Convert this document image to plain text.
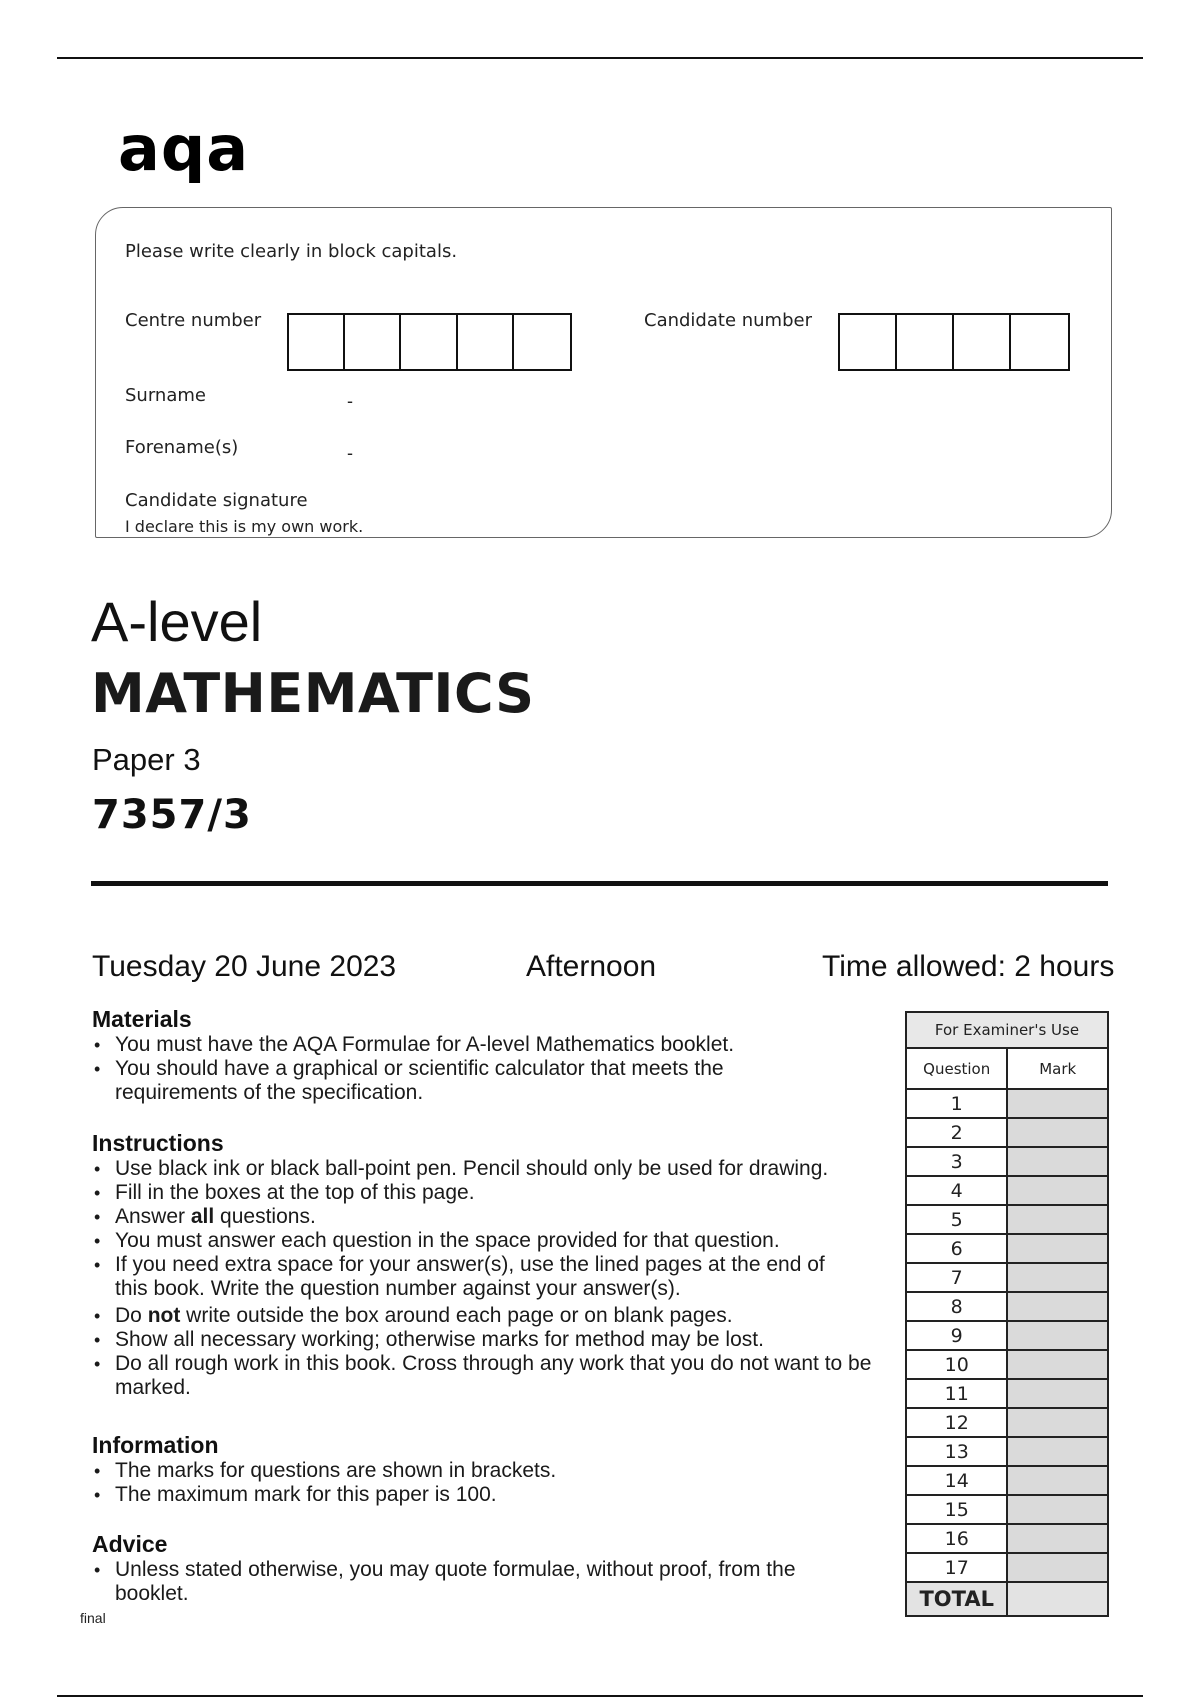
aqa
Please write clearly in block capitals.
Centre number	Candidate number
Surname	-
Forename(s)	-
Candidate signature
I declare this is my own work.
A-level
MATHEMATICS
Paper 3
7357/3
Tuesday 20 June 2023	Afternoon	Time allowed: 2 hours
Materials
• You must have the AQA Formulae for A-level Mathematics booklet.
• You should have a graphical or scientific calculator that meets the requirements of the specification.
Instructions
• Use black ink or black ball-point pen. Pencil should only be used for drawing.
• Fill in the boxes at the top of this page.
• Answer all questions.
• You must answer each question in the space provided for that question.
• If you need extra space for your answer(s), use the lined pages at the end of this book. Write the question number against your answer(s).
• Do not write outside the box around each page or on blank pages.
• Show all necessary working; otherwise marks for method may be lost.
• Do all rough work in this book. Cross through any work that you do not want to be marked.
Information
• The marks for questions are shown in brackets.
• The maximum mark for this paper is 100.
Advice
• Unless stated otherwise, you may quote formulae, without proof, from the booklet.
final
For Examiner's Use	
Question	Mark
1	
2	
3	
4	
5	
6	
7	
8	
9	
10	
11	
12	
13	
14	
15	
16	
17	
TOTAL	
